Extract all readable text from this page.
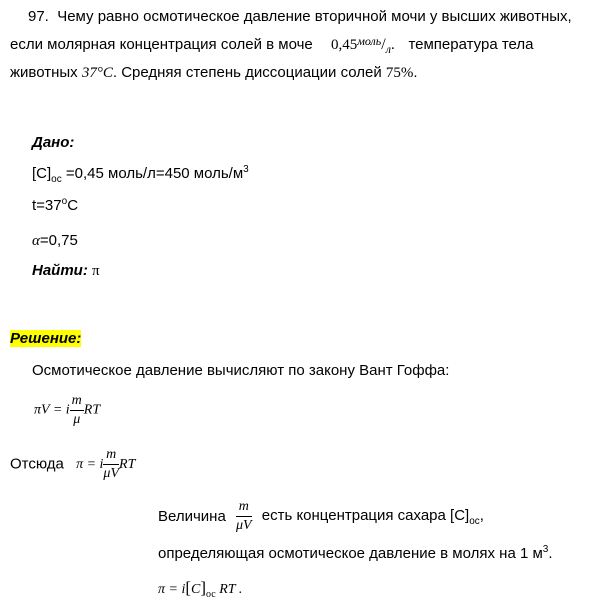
97. Чему равно осмотическое давление вторичной мочи у высших животных,
если молярная концентрация солей в моче $0,45^{моль}/_л$. температура тела
животных 37°C. Средняя степень диссоциации солей 75%.
Дано:
$[C]_{ос} =0,45$ моль/л=450 моль/$м^3$
$t=37^oC$
α=0,75
Найти: π
Решение:
Осмотическое давление вычисляют по закону Вант Гоффа:
πV = i $\frac{m}{\mu}$ RT
Отсюда π = i $\frac{m}{\mu V}$ RT
Величина $\frac{m}{\mu V}$ есть концентрация сахара $[C]_{ос}$,
определяющая осмотическое давление в молях на 1 $м^3$.
$\pi = i[C]_{ос}$ RT .
